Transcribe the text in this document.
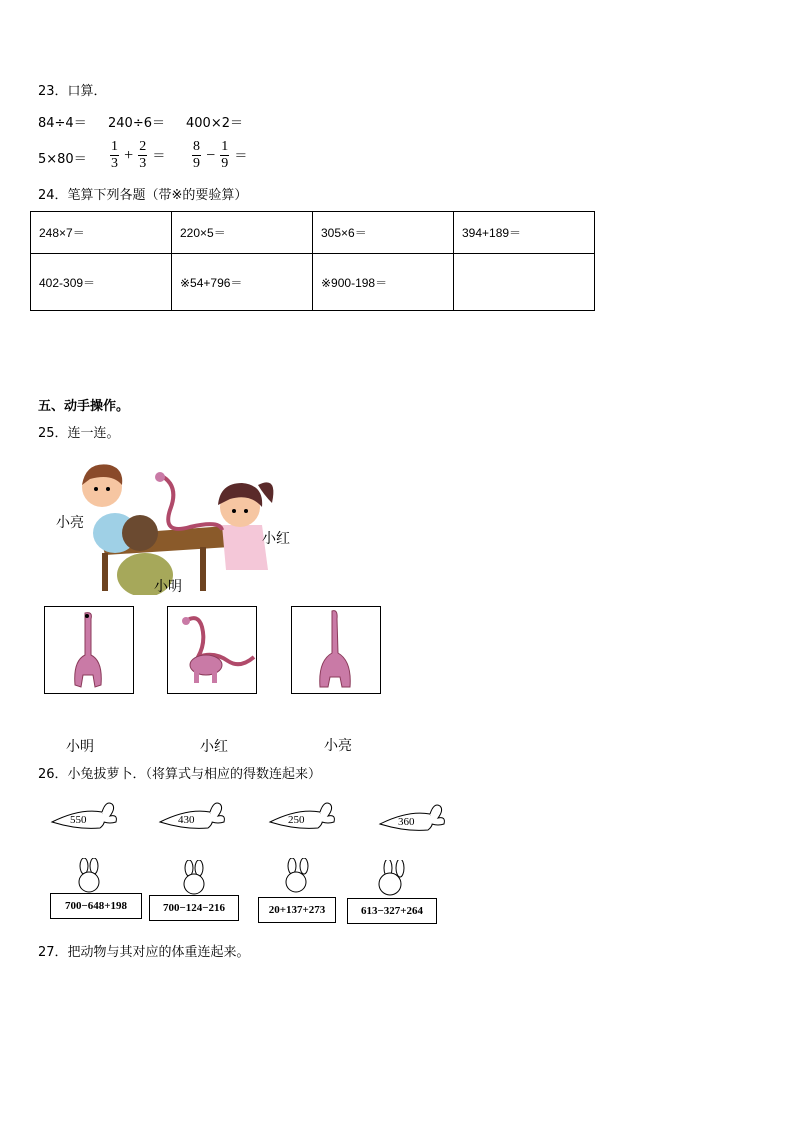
23．口算．
84÷4＝ 240÷6＝ 400×2＝
$5\times 80= \frac{1}{3} + \frac{2}{3} = \frac{8}{9} - \frac{1}{9}$ ＝
24．笔算下列各题（带※的要验算）
248×7＝	220×5＝	305×6＝	394+189＝
402-309＝	※54+796＝	※900-198＝	
五、动手操作。
25．连一连。
小亮
小红
小明
小明	小红	小亮
26．小兔拔萝卜．（将算式与相应的得数连起来）
550	430	250	360
700−648+198	700−124−216	20+137+273	613−327+264
27．把动物与其对应的体重连起来。
